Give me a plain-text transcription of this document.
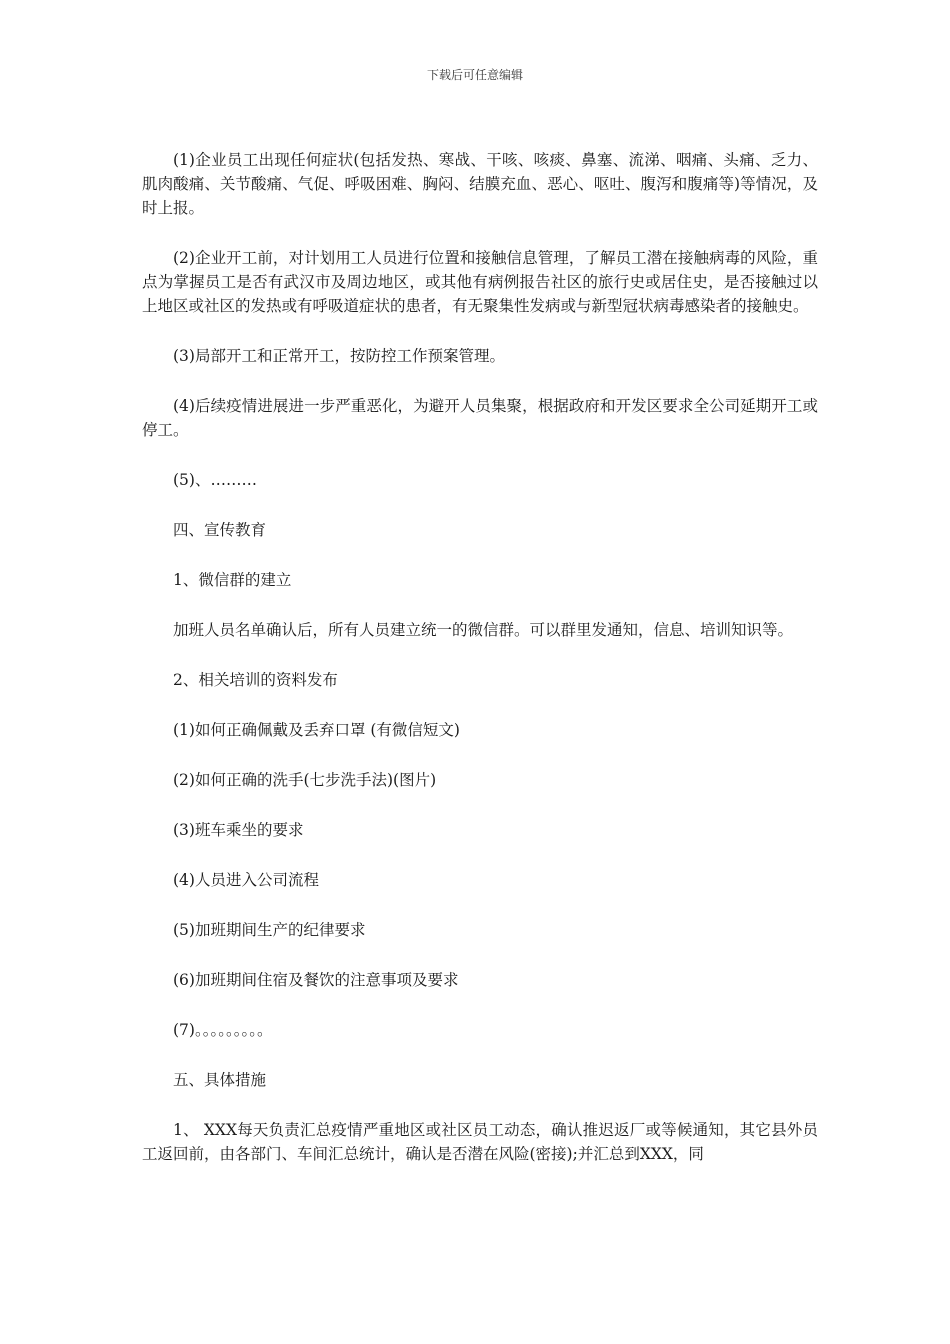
下载后可任意编辑

(1)企业员工出现任何症状(包括发热、寒战、干咳、咳痰、鼻塞、流涕、咽痛、头痛、乏力、肌肉酸痛、关节酸痛、气促、呼吸困难、胸闷、结膜充血、恶心、呕吐、腹泻和腹痛等)等情况，及时上报。

(2)企业开工前，对计划用工人员进行位置和接触信息管理，了解员工潜在接触病毒的风险，重点为掌握员工是否有武汉市及周边地区，或其他有病例报告社区的旅行史或居住史，是否接触过以上地区或社区的发热或有呼吸道症状的患者，有无聚集性发病或与新型冠状病毒感染者的接触史。

(3)局部开工和正常开工，按防控工作预案管理。

(4)后续疫情进展进一步严重恶化，为避开人员集聚，根据政府和开发区要求全公司延期开工或停工。

(5)、………

四、宣传教育

1、微信群的建立

加班人员名单确认后，所有人员建立统一的微信群。可以群里发通知，信息、培训知识等。

2、相关培训的资料发布

(1)如何正确佩戴及丢弃口罩 (有微信短文)

(2)如何正确的洗手(七步洗手法)(图片)

(3)班车乘坐的要求

(4)人员进入公司流程

(5)加班期间生产的纪律要求

(6)加班期间住宿及餐饮的注意事项及要求

(7)。。。。。。。。。

五、具体措施

1、 XXX每天负责汇总疫情严重地区或社区员工动态，确认推迟返厂或等候通知，其它县外员工返回前，由各部门、车间汇总统计，确认是否潜在风险(密接);并汇总到XXX，同
